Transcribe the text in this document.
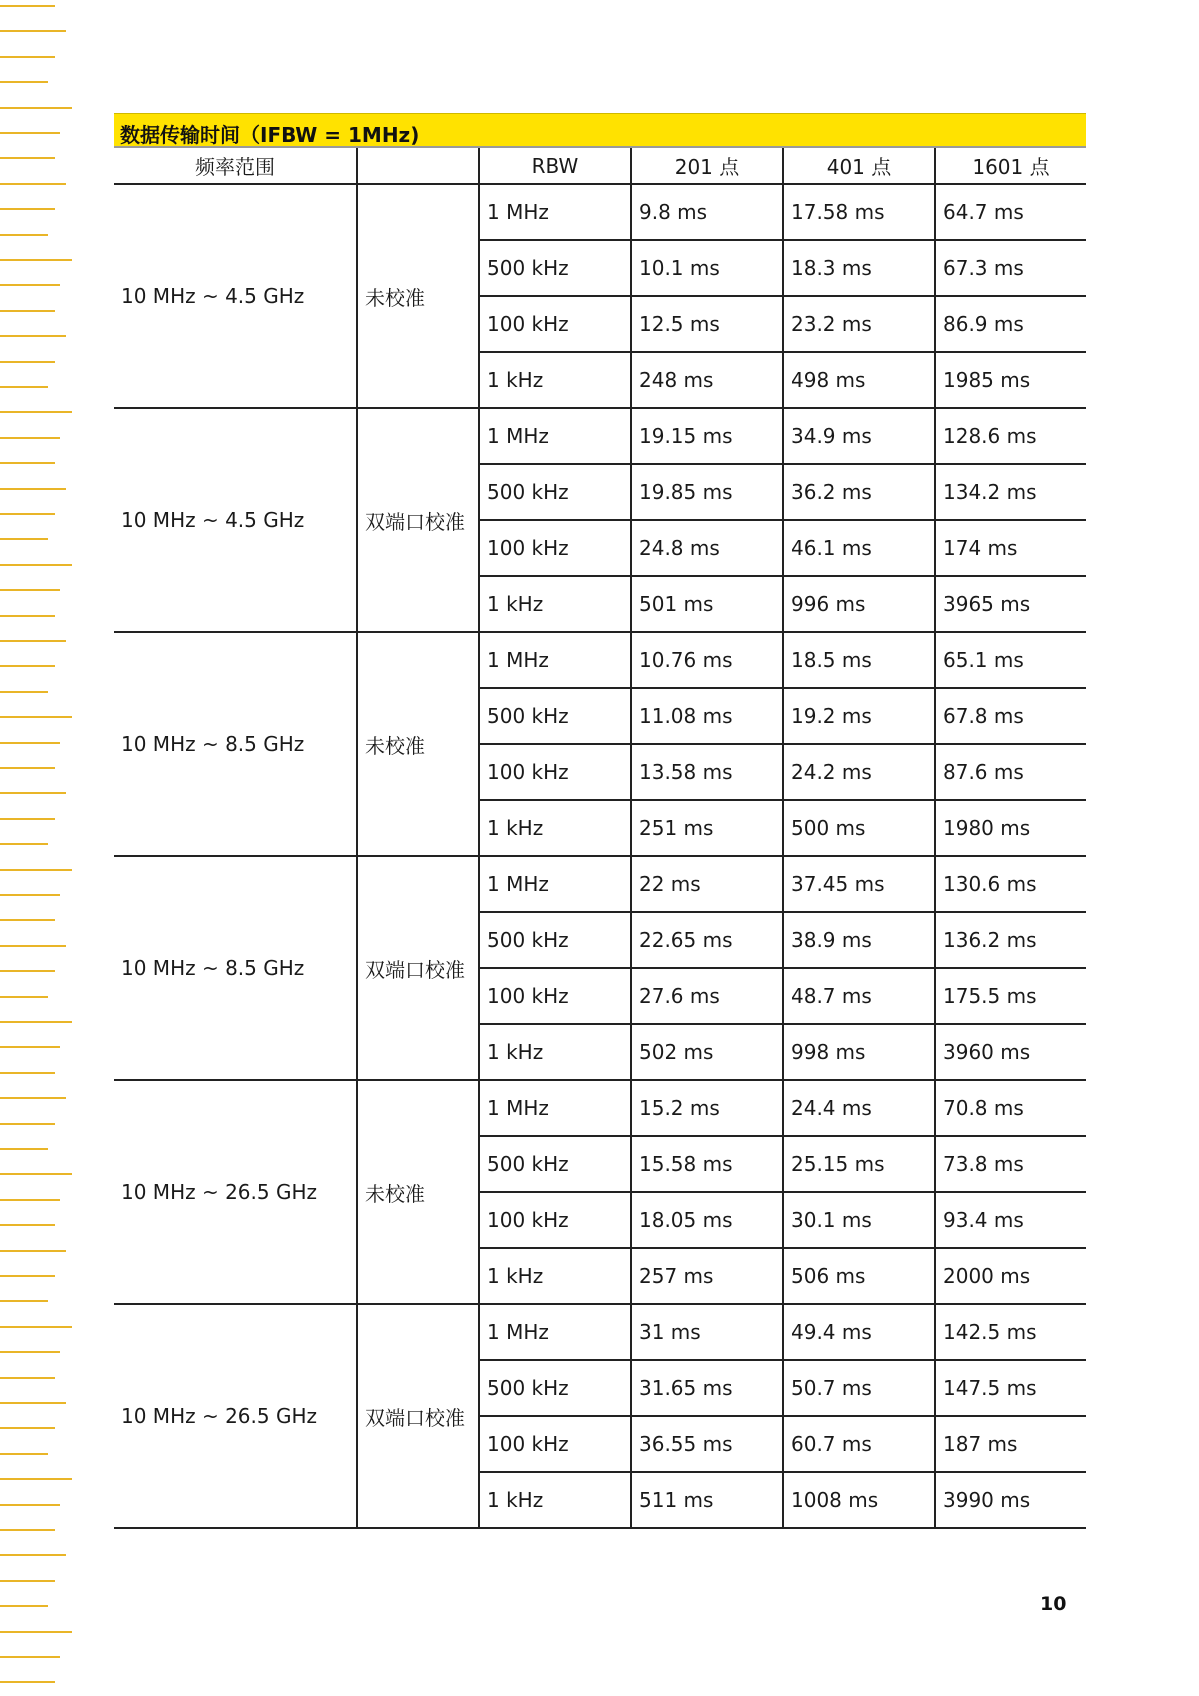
数据传输时间（IFBW = 1MHz)
频率范围		RBW	201 点	401 点	1601 点
10 MHz ~ 4.5 GHz	未校准	1 MHz	9.8 ms	17.58 ms	64.7 ms
		500 kHz	10.1 ms	18.3 ms	67.3 ms
		100 kHz	12.5 ms	23.2 ms	86.9 ms
		1 kHz	248 ms	498 ms	1985 ms
10 MHz ~ 4.5 GHz	双端口校准	1 MHz	19.15 ms	34.9 ms	128.6 ms
		500 kHz	19.85 ms	36.2 ms	134.2 ms
		100 kHz	24.8 ms	46.1 ms	174 ms
		1 kHz	501 ms	996 ms	3965 ms
10 MHz ~ 8.5 GHz	未校准	1 MHz	10.76 ms	18.5 ms	65.1 ms
		500 kHz	11.08 ms	19.2 ms	67.8 ms
		100 kHz	13.58 ms	24.2 ms	87.6 ms
		1 kHz	251 ms	500 ms	1980 ms
10 MHz ~ 8.5 GHz	双端口校准	1 MHz	22 ms	37.45 ms	130.6 ms
		500 kHz	22.65 ms	38.9 ms	136.2 ms
		100 kHz	27.6 ms	48.7 ms	175.5 ms
		1 kHz	502 ms	998 ms	3960 ms
10 MHz ~ 26.5 GHz	未校准	1 MHz	15.2 ms	24.4 ms	70.8 ms
		500 kHz	15.58 ms	25.15 ms	73.8 ms
		100 kHz	18.05 ms	30.1 ms	93.4 ms
		1 kHz	257 ms	506 ms	2000 ms
10 MHz ~ 26.5 GHz	双端口校准	1 MHz	31 ms	49.4 ms	142.5 ms
		500 kHz	31.65 ms	50.7 ms	147.5 ms
		100 kHz	36.55 ms	60.7 ms	187 ms
		1 kHz	511 ms	1008 ms	3990 ms
10
